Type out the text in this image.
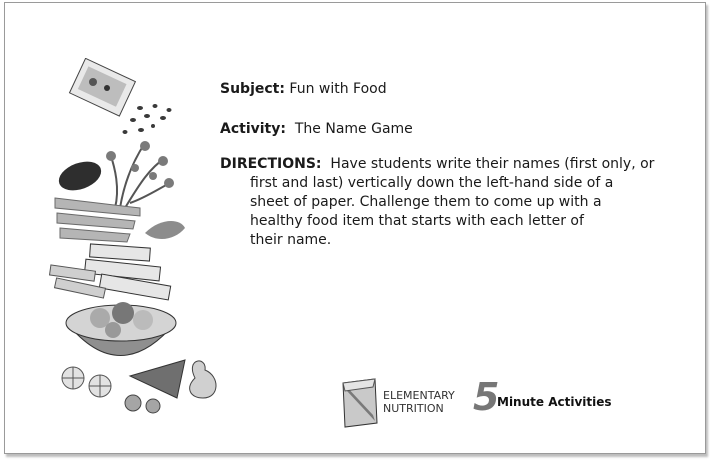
Subject: Fun with Food

Activity: The Name Game

DIRECTIONS: Have students write their names (first only, or

first and last) vertically down the left-hand side of a sheet of paper. Challenge them to come up with a healthy food item that starts with each letter of their name.

ELEMENTARY
NUTRITION 5
Minute Activities
